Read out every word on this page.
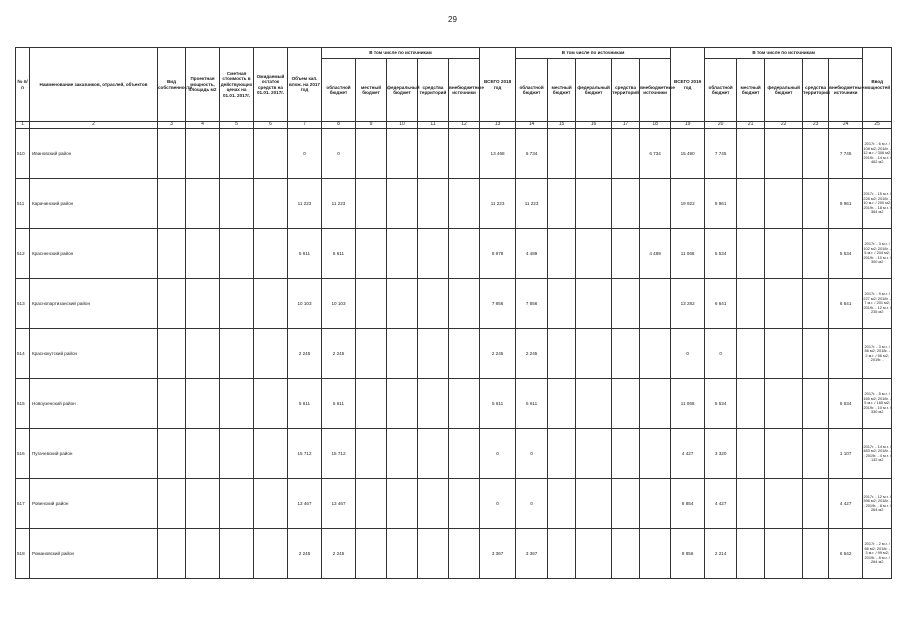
29
№ п/п	Наименование заказчиков, отраслей, объектов	Вид собственности	Проектная мощность, площадь м2	Сметная стоимость в действующих ценах на 01.01. 2017г.	Ожидаемый остаток средств на 01.01. 2017г.	Объем кап. влож. на 2017 год	В том числе по источникам					ВСЕГО 2018 год	В том числе по источникам					ВСЕГО 2019 год	В том числе по источникам					Ввод мощностей
							областной бюджет	местный бюджет	федеральный бюджет	средства территорий	внебюджетные источники		областной бюджет	местный бюджет	федеральный бюджет	средства территорий	внебюджетные источники		областной бюджет	местный бюджет	федеральный бюджет	средства территорий	внебюджетные источники	
1	2	3	4	5	6	7	8	9	10	11	12	13	14	15	16	17	18	19	20	21	22	23	24	25
510	Ивановский район					0	0					13 468	6 734				6 734	15 490	7 745				7 745	2017г. - 6 м.г. / 108 м2; 2018г. - 12 м.г. / 306 м2; 2019г. - 14 м.г. / 462 м2
511	Карачинский район					11 223	11 223					11 223	11 223					19 922	9 961				9 961	2017г. - 15 м.г. / 228 м2; 2018г. - 10 м.г. / 200 м2; 2019г. - 18 м.г. / 364 м2
512	Красненский район					5 611	5 611					8 978	4 489				4 489	11 068	5 534				5 534	2017г. - 3 м.г. / 102 м2; 2018г. - 5 м.г. / 204 м2; 2019г. - 10 м.г. / 300 м2
513	Краснопартизанский район					10 103	10 103					7 856	7 856					13 282	6 641				6 641	2017г. - 9 м.г. / 227 м2; 2018г. - 7 м.г. / 201 м2; 2019г. - 12 м.г. / 235 м2
514	Краснокутский район					2 245	2 245					2 245	2 245					0	0					2017г. - 3 м.г. / 56 м2; 2018г. - 2 м.г. / 56 м2; 2019г. -
515	Новоузенский район					5 611	5 611					5 611	5 611					11 068	5 534				5 534	2017г. - 5 м.г. / 165 м2; 2018г. - 5 м.г. / 165 м2; 2019г. - 10 м.г. / 330 м2
516	Пугачевский район					15 712	15 712					0	0					4 427	3 320				1 107	2017г. - 14 м.г. / 483 м2; 2018г. - ; 2019г. - 4 м.г. / 132 м2
517	Ровенский район					13 467	13 467					0	0					8 854	4 427				4 427	2017г. - 12 м.г. / 396 м2; 2018г. - ; 2019г. - 8 м.г. / 264 м2
518	Романовский район					2 245	2 245					3 367	3 367					8 856	2 214				6 642	2017г. - 2 м.г. / 66 м2; 2018г. - 3 м.г. / 99 м2; 2019г. - 8 м.г. / 264 м2
